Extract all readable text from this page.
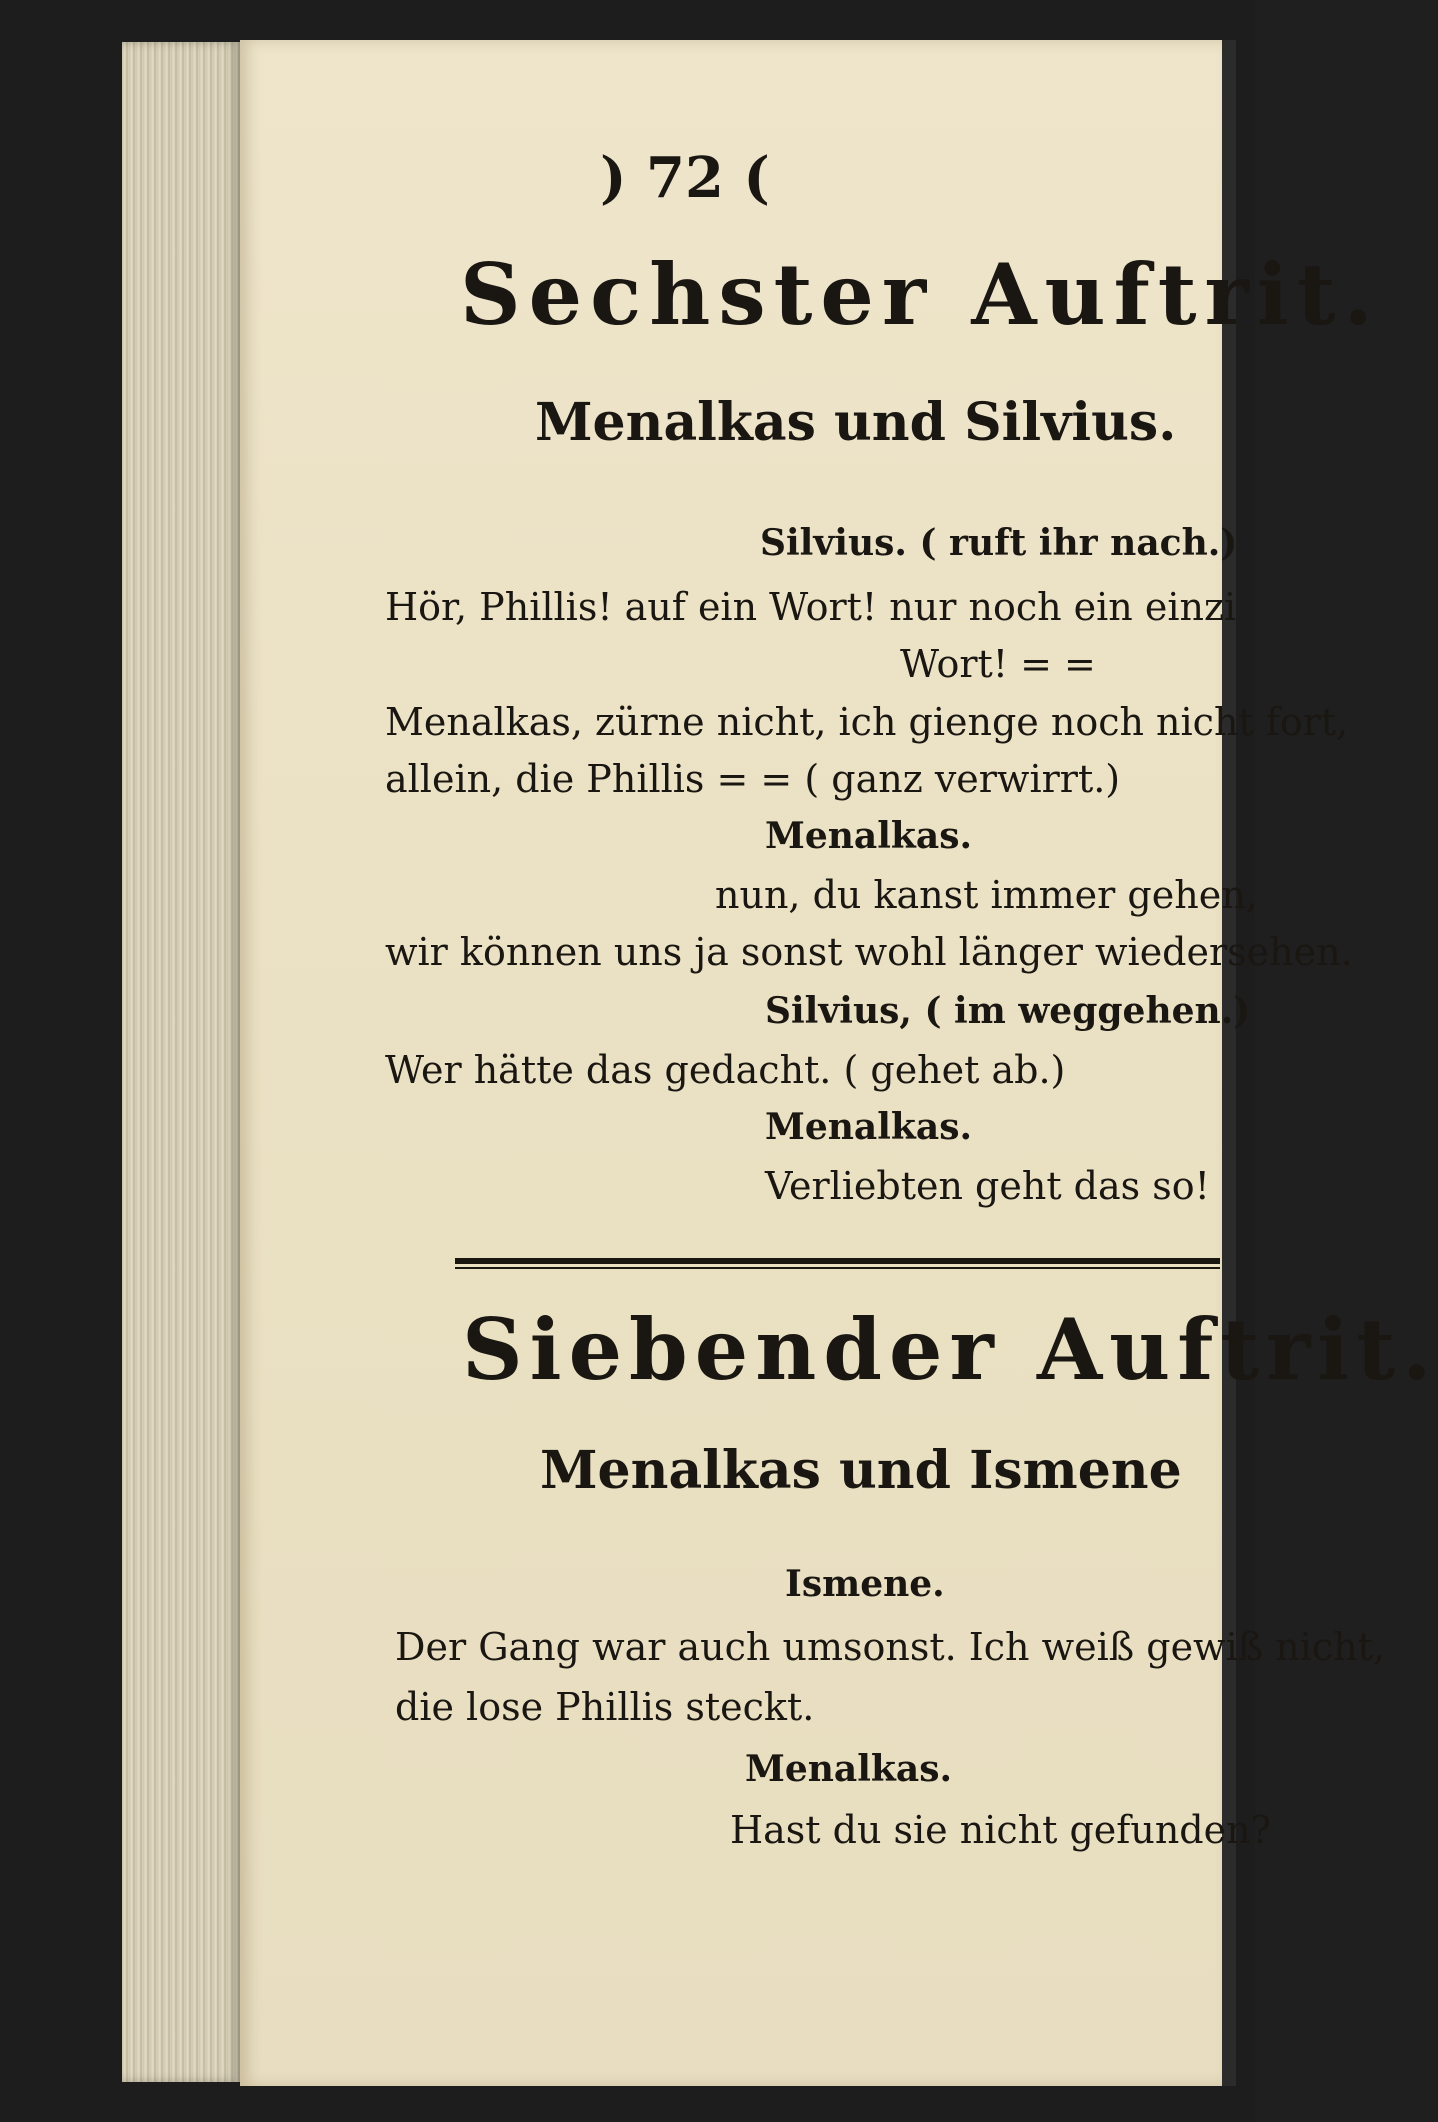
) 72 (
Sechster Auftrit.
Menalkas und Silvius.
Silvius. ( ruft ihr nach.)
Hör, Phillis! auf ein Wort! nur noch ein einzi
Wort! = =
Menalkas, zürne nicht, ich gienge noch nicht fort,
allein, die Phillis = = ( ganz verwirrt.)
Menalkas.
nun, du kanst immer gehen,
wir können uns ja sonst wohl länger wiedersehen.
Silvius, ( im weggehen.)
Wer hätte das gedacht. ( gehet ab.)
Menalkas.
Verliebten geht das so!
Siebender Auftrit.
Menalkas und Ismene
Ismene.
Der Gang war auch umsonst. Ich weiß gewiß nicht,
die lose Phillis steckt.
Menalkas.
Hast du sie nicht gefunden?
